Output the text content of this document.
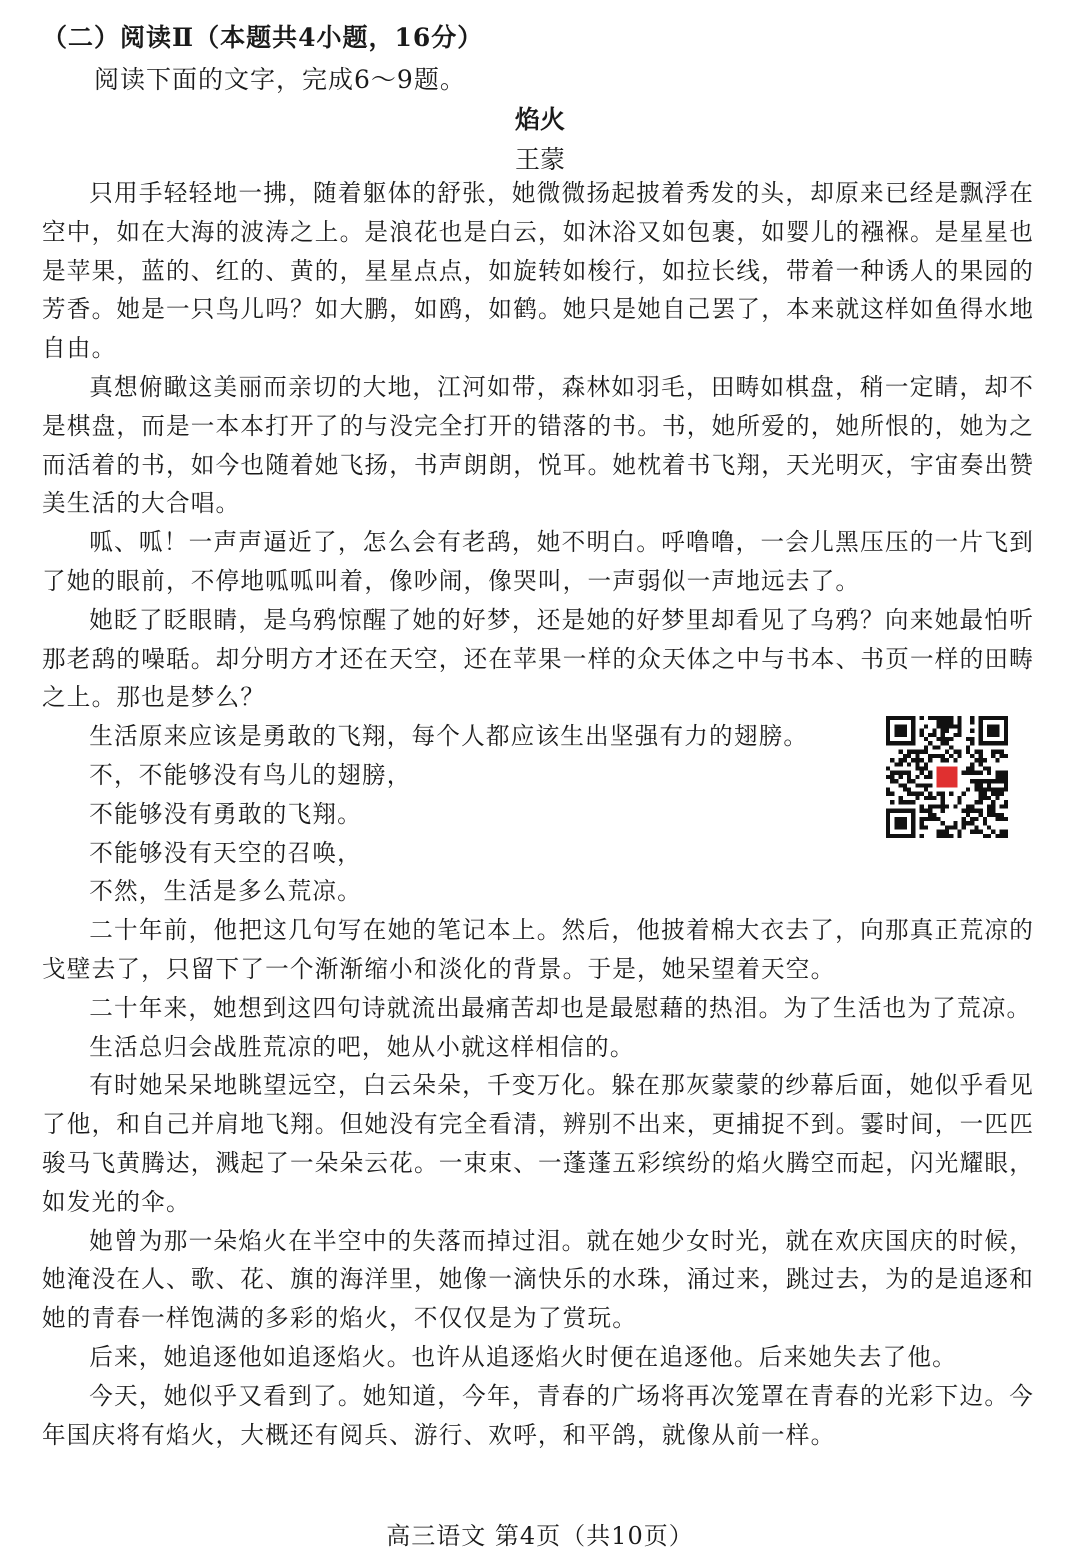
（二）阅读Ⅱ（本题共4小题，16分）
阅读下面的文字，完成6～9题。
焰火
王蒙

只用手轻轻地一拂，随着躯体的舒张，她微微扬起披着秀发的头，却原来已经是飘浮在空中，如在大海的波涛之上。是浪花也是白云，如沐浴又如包裹，如婴儿的襁褓。是星星也是苹果，蓝的、红的、黄的，星星点点，如旋转如梭行，如拉长线，带着一种诱人的果园的芳香。她是一只鸟儿吗？如大鹏，如鸥，如鹤。她只是她自己罢了，本来就这样如鱼得水地自由。

真想俯瞰这美丽而亲切的大地，江河如带，森林如羽毛，田畴如棋盘，稍一定睛，却不是棋盘，而是一本本打开了的与没完全打开的错落的书。书，她所爱的，她所恨的，她为之而活着的书，如今也随着她飞扬，书声朗朗，悦耳。她枕着书飞翔，天光明灭，宇宙奏出赞美生活的大合唱。

呱、呱！一声声逼近了，怎么会有老鸹，她不明白。呼噜噜，一会儿黑压压的一片飞到了她的眼前，不停地呱呱叫着，像吵闹，像哭叫，一声弱似一声地远去了。

她眨了眨眼睛，是乌鸦惊醒了她的好梦，还是她的好梦里却看见了乌鸦？向来她最怕听那老鸹的噪聒。却分明方才还在天空，还在苹果一样的众天体之中与书本、书页一样的田畴之上。那也是梦么？

生活原来应该是勇敢的飞翔，每个人都应该生出坚强有力的翅膀。

不，不能够没有鸟儿的翅膀，

不能够没有勇敢的飞翔。

不能够没有天空的召唤，

不然，生活是多么荒凉。

二十年前，他把这几句写在她的笔记本上。然后，他披着棉大衣去了，向那真正荒凉的戈壁去了，只留下了一个渐渐缩小和淡化的背景。于是，她呆望着天空。

二十年来，她想到这四句诗就流出最痛苦却也是最慰藉的热泪。为了生活也为了荒凉。

生活总归会战胜荒凉的吧，她从小就这样相信的。

有时她呆呆地眺望远空，白云朵朵，千变万化。躲在那灰蒙蒙的纱幕后面，她似乎看见了他，和自己并肩地飞翔。但她没有完全看清，辨别不出来，更捕捉不到。霎时间，一匹匹骏马飞黄腾达，溅起了一朵朵云花。一束束、一蓬蓬五彩缤纷的焰火腾空而起，闪光耀眼，如发光的伞。

她曾为那一朵焰火在半空中的失落而掉过泪。就在她少女时光，就在欢庆国庆的时候，她淹没在人、歌、花、旗的海洋里，她像一滴快乐的水珠，涌过来，跳过去，为的是追逐和她的青春一样饱满的多彩的焰火，不仅仅是为了赏玩。

后来，她追逐他如追逐焰火。也许从追逐焰火时便在追逐他。后来她失去了他。

今天，她似乎又看到了。她知道，今年，青春的广场将再次笼罩在青春的光彩下边。今年国庆将有焰火，大概还有阅兵、游行、欢呼，和平鸽，就像从前一样。

高三语文 第4页（共10页）
